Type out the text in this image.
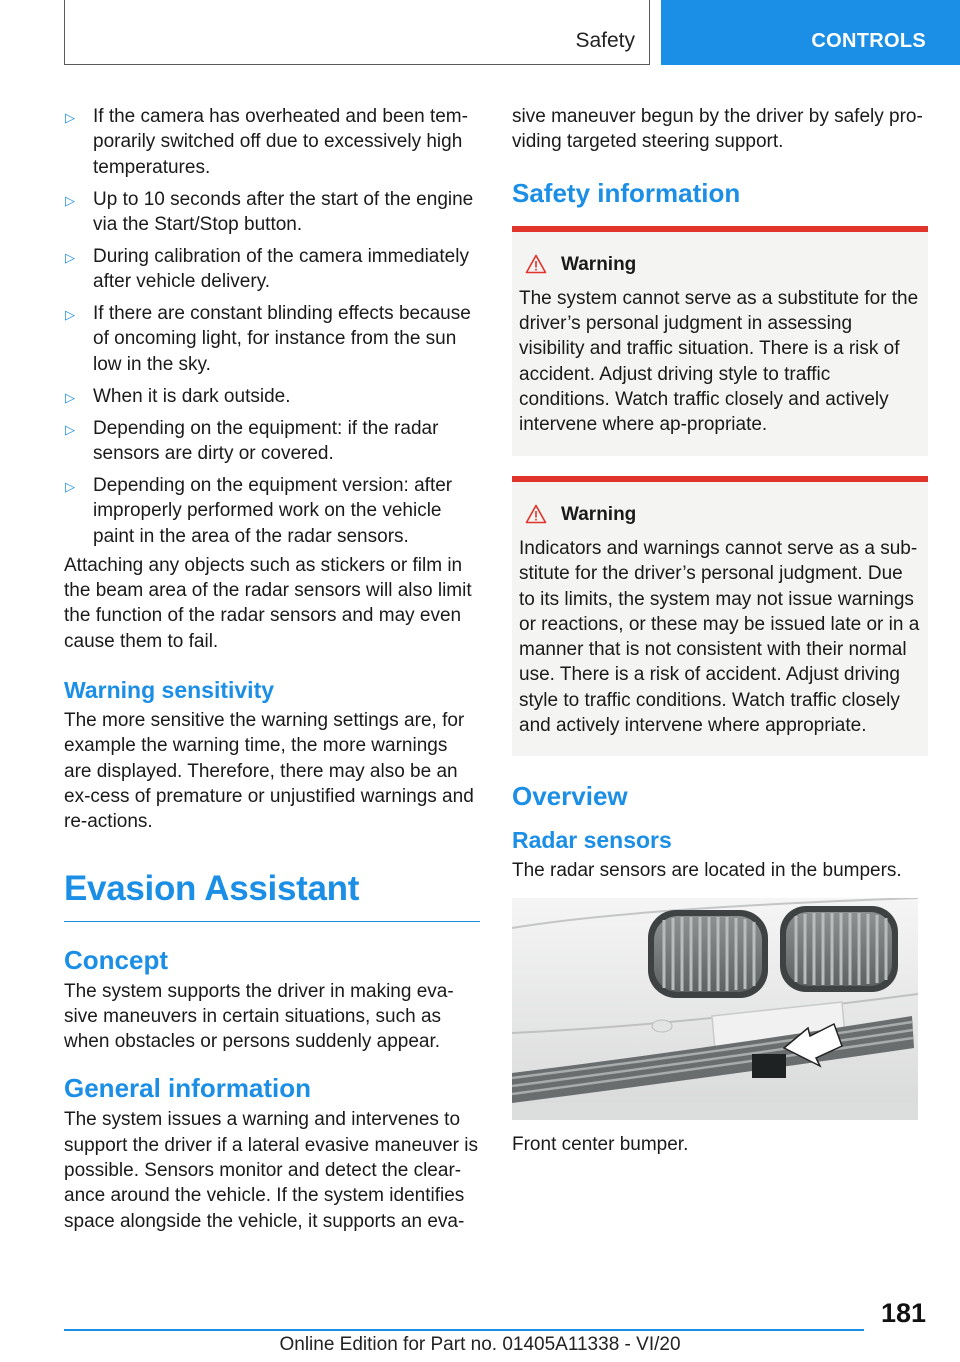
Safety	CONTROLS
▷ If the camera has overheated and been tem‐porarily switched off due to excessively high temperatures.
▷ Up to 10 seconds after the start of the engine via the Start/Stop button.
▷ During calibration of the camera immediately after vehicle delivery.
▷ If there are constant blinding effects because of oncoming light, for instance from the sun low in the sky.
▷ When it is dark outside.
▷ Depending on the equipment: if the radar sensors are dirty or covered.
▷ Depending on the equipment version: after improperly performed work on the vehicle paint in the area of the radar sensors.

Attaching any objects such as stickers or film in the beam area of the radar sensors will also limit the function of the radar sensors and may even cause them to fail.

Warning sensitivity

The more sensitive the warning settings are, for example the warning time, the more warnings are displayed. Therefore, there may also be an ex‐cess of premature or unjustified warnings and re‐actions.

Evasion Assistant
Concept

The system supports the driver in making eva‐sive maneuvers in certain situations, such as when obstacles or persons suddenly appear.

General information

The system issues a warning and intervenes to support the driver if a lateral evasive maneuver is possible. Sensors monitor and detect the clear‐ance around the vehicle. If the system identifies space alongside the vehicle, it supports an eva‐

sive maneuver begun by the driver by safely pro‐viding targeted steering support.

Safety information
Warning

The system cannot serve as a substitute for the driver’s personal judgment in assessing visibility and traffic situation. There is a risk of accident. Adjust driving style to traffic conditions. Watch traffic closely and actively intervene where ap‐propriate.

Warning

Indicators and warnings cannot serve as a sub‐stitute for the driver’s personal judgment. Due to its limits, the system may not issue warnings or reactions, or these may be issued late or in a manner that is not consistent with their normal use. There is a risk of accident. Adjust driving style to traffic conditions. Watch traffic closely and actively intervene where appropriate.

Overview
Radar sensors

The radar sensors are located in the bumpers.

Front center bumper.

181
Online Edition for Part no. 01405A11338 - VI/20
